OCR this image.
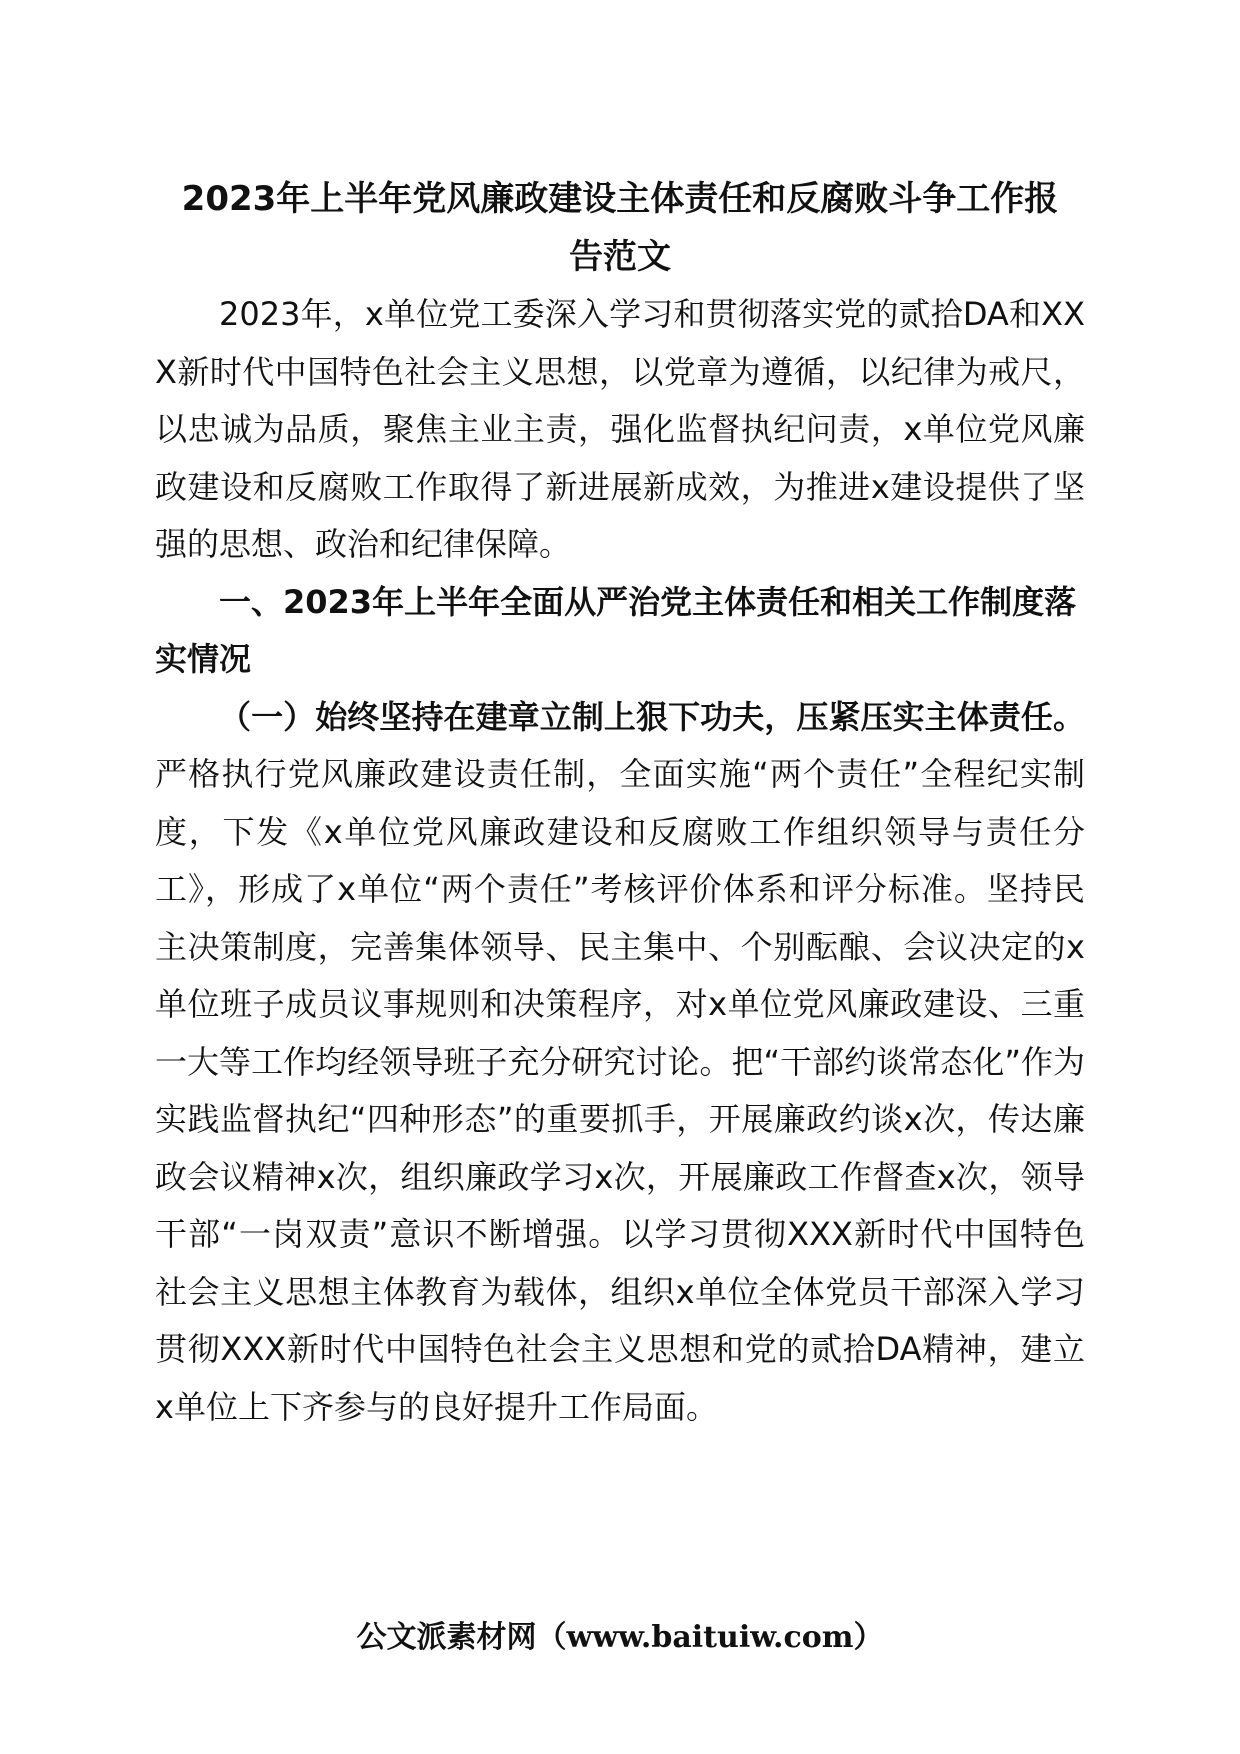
2023年上半年党风廉政建设主体责任和反腐败斗争工作报告范文

2023年，x单位党工委深入学习和贯彻落实党的贰拾DA和XXX新时代中国特色社会主义思想，以党章为遵循，以纪律为戒尺，以忠诚为品质，聚焦主业主责，强化监督执纪问责，x单位党风廉政建设和反腐败工作取得了新进展新成效，为推进x建设提供了坚强的思想、政治和纪律保障。

一、2023年上半年全面从严治党主体责任和相关工作制度落实情况

（一）始终坚持在建章立制上狠下功夫，压紧压实主体责任。严格执行党风廉政建设责任制，全面实施“两个责任”全程纪实制度，下发《x单位党风廉政建设和反腐败工作组织领导与责任分工》，形成了x单位“两个责任”考核评价体系和评分标准。坚持民主决策制度，完善集体领导、民主集中、个别酝酿、会议决定的x单位班子成员议事规则和决策程序，对x单位党风廉政建设、三重一大等工作均经领导班子充分研究讨论。把“干部约谈常态化”作为实践监督执纪“四种形态”的重要抓手，开展廉政约谈x次，传达廉政会议精神x次，组织廉政学习x次，开展廉政工作督查x次，领导干部“一岗双责”意识不断增强。以学习贯彻XXX新时代中国特色社会主义思想主体教育为载体，组织x单位全体党员干部深入学习贯彻XXX新时代中国特色社会主义思想和党的贰拾DA精神，建立x单位上下齐参与的良好提升工作局面。

公文派素材网（www.baituiw.com）
